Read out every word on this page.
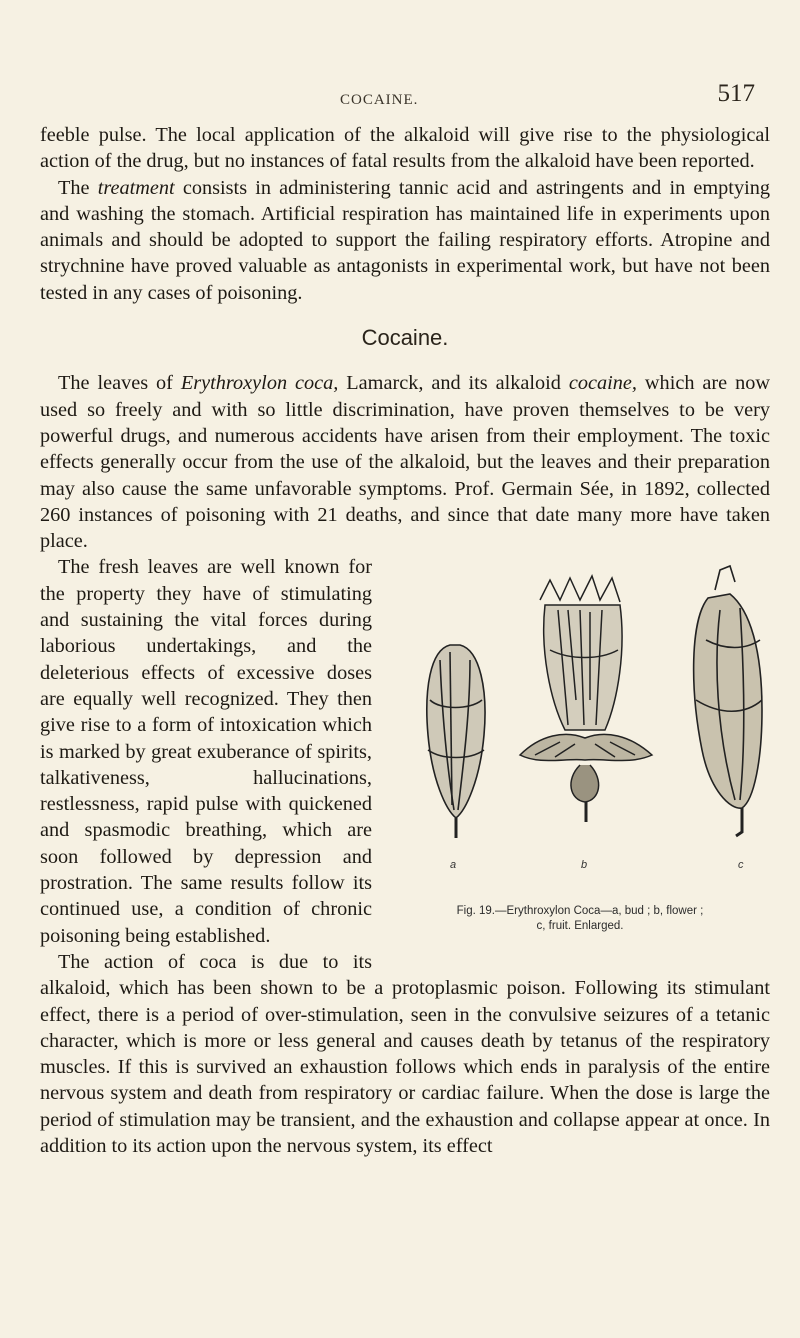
COCAINE.	517

feeble pulse. The local application of the alkaloid will give rise to the physiological action of the drug, but no instances of fatal results from the alkaloid have been reported.

The treatment consists in administering tannic acid and astringents and in emptying and washing the stomach. Artificial respiration has maintained life in experiments upon animals and should be adopted to support the failing respiratory efforts. Atropine and strychnine have proved valuable as antagonists in experimental work, but have not been tested in any cases of poisoning.

Cocaine.

The leaves of Erythroxylon coca, Lamarck, and its alkaloid cocaine, which are now used so freely and with so little discrimination, have proven themselves to be very powerful drugs, and numerous accidents have arisen from their employment. The toxic effects generally occur from the use of the alkaloid, but the leaves and their preparation may also cause the same unfavorable symptoms. Prof. Germain Sée, in 1892, collected 260 instances of poisoning with 21 deaths, and since that date many more have taken place.

a	b	c
Fig. 19.—Erythroxylon Coca—a, bud ; b, flower ;
c, fruit. Enlarged.

The fresh leaves are well known for the property they have of stimulating and sustaining the vital forces during laborious undertakings, and the deleterious effects of excessive doses are equally well recognized. They then give rise to a form of intoxication which is marked by great exuberance of spirits, talkativeness, hallucinations, restlessness, rapid pulse with quickened and spasmodic breathing, which are soon followed by depression and prostration. The same results follow its continued use, a condition of chronic poisoning being established.

The action of coca is due to its alkaloid, which has been shown to be a protoplasmic poison. Following its stimulant effect, there is a period of over-stimulation, seen in the convulsive seizures of a tetanic character, which is more or less general and causes death by tetanus of the respiratory muscles. If this is survived an exhaustion follows which ends in paralysis of the entire nervous system and death from respiratory or cardiac failure. When the dose is large the period of stimulation may be transient, and the exhaustion and collapse appear at once. In addition to its action upon the nervous system, its effect
